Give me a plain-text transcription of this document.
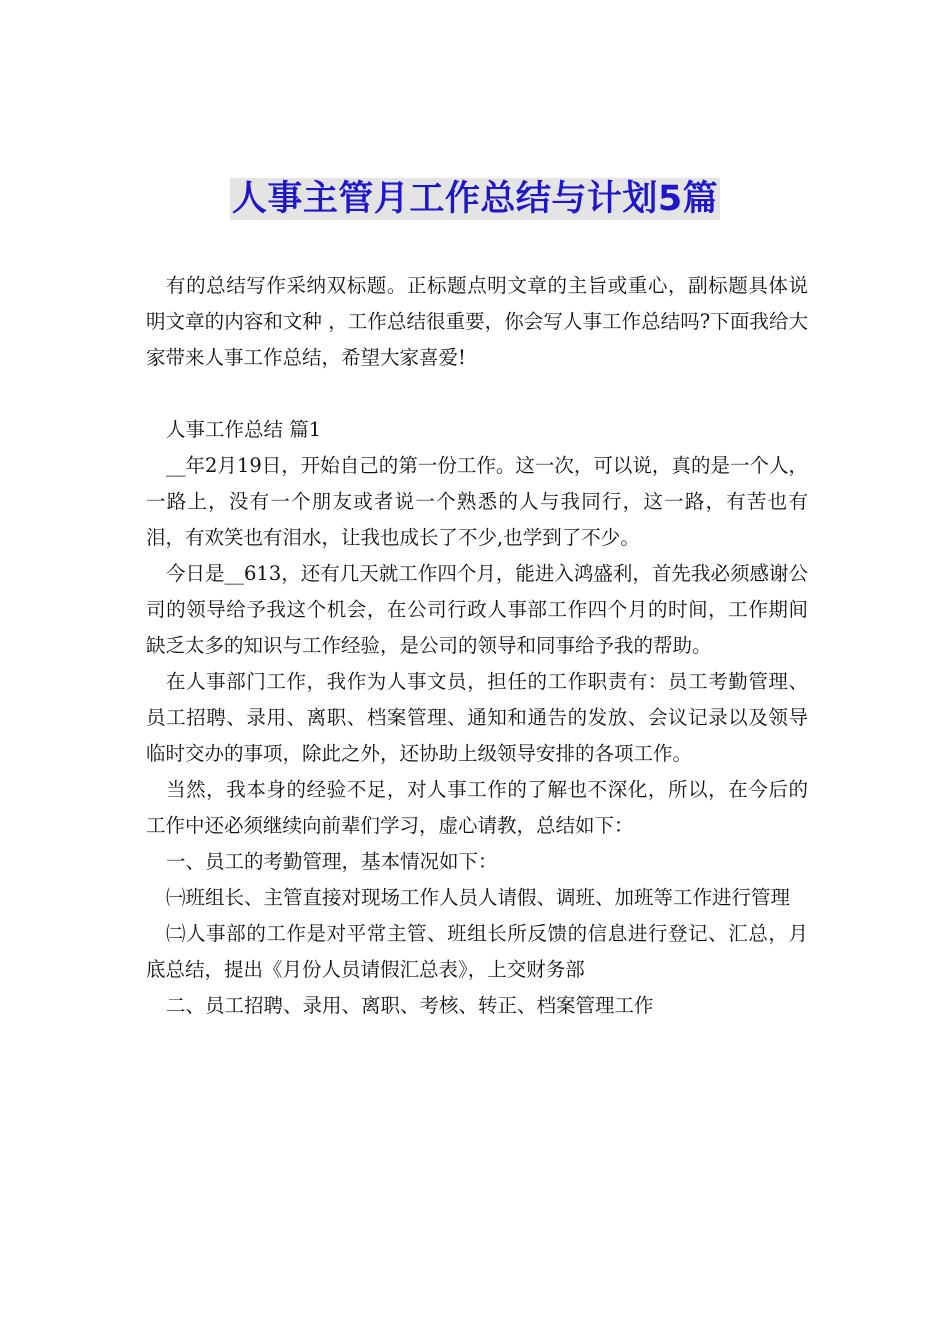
人事主管月工作总结与计划5篇

有的总结写作采纳双标题。正标题点明文章的主旨或重心，副标题具体说明文章的内容和文种 ，工作总结很重要，你会写人事工作总结吗?下面我给大家带来人事工作总结，希望大家喜爱!

人事工作总结 篇1

__年2月19日，开始自己的第一份工作。这一次，可以说，真的是一个人，一路上，没有一个朋友或者说一个熟悉的人与我同行，这一路，有苦也有泪，有欢笑也有泪水，让我也成长了不少,也学到了不少。

今日是__613，还有几天就工作四个月，能进入鸿盛利，首先我必须感谢公司的领导给予我这个机会，在公司行政人事部工作四个月的时间，工作期间缺乏太多的知识与工作经验，是公司的领导和同事给予我的帮助。

在人事部门工作，我作为人事文员，担任的工作职责有：员工考勤管理、员工招聘、录用、离职、档案管理、通知和通告的发放、会议记录以及领导临时交办的事项，除此之外，还协助上级领导安排的各项工作。

当然，我本身的经验不足，对人事工作的了解也不深化，所以，在今后的工作中还必须继续向前辈们学习，虚心请教，总结如下：

一、员工的考勤管理，基本情况如下：

㈠班组长、主管直接对现场工作人员人请假、调班、加班等工作进行管理

㈡人事部的工作是对平常主管、班组长所反馈的信息进行登记、汇总，月底总结，提出《月份人员请假汇总表》，上交财务部

二、员工招聘、录用、离职、考核、转正、档案管理工作
